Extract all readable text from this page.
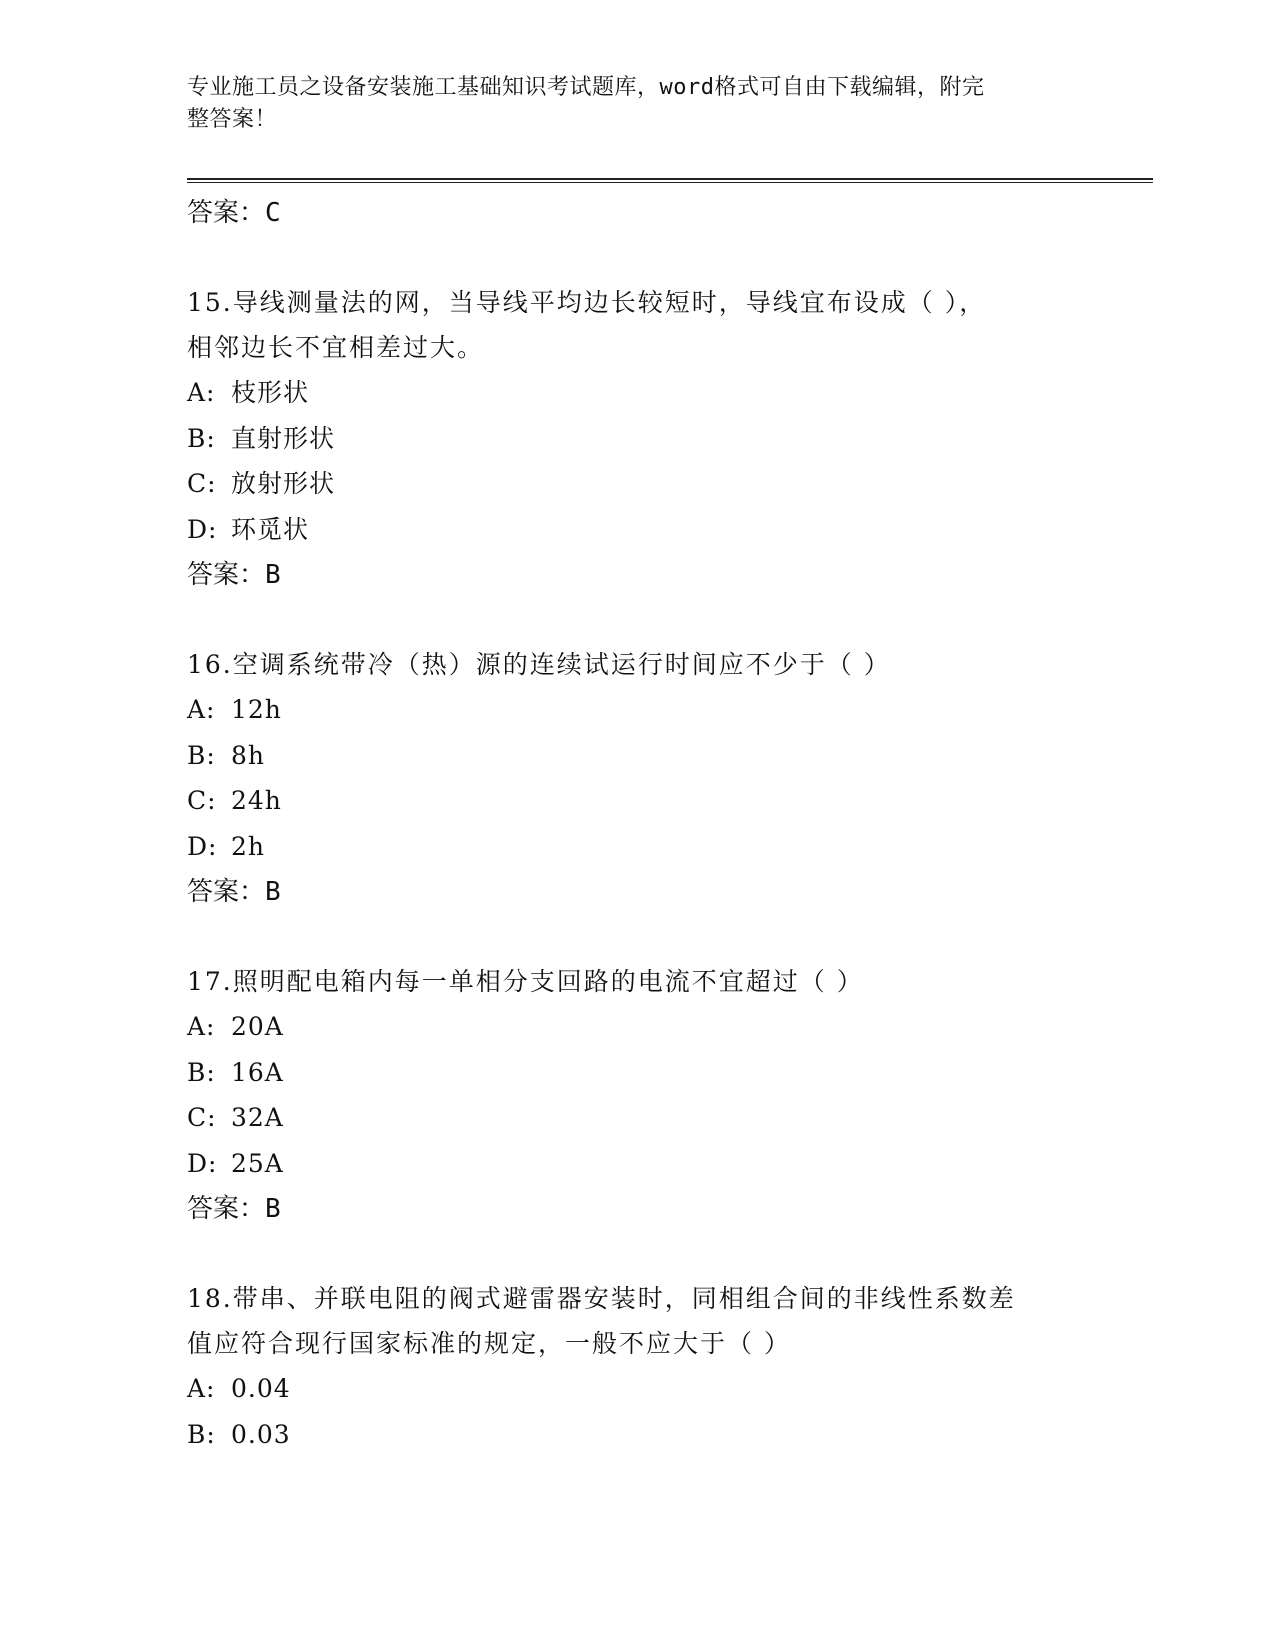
专业施工员之设备安装施工基础知识考试题库，word格式可自由下载编辑，附完
整答案！
答案：C
15.导线测量法的网，当导线平均边长较短时，导线宜布设成（ ），
相邻边长不宜相差过大。
A: 枝形状
B: 直射形状
C: 放射形状
D: 环觅状
答案：B
16.空调系统带冷（热）源的连续试运行时间应不少于（ ）
A: 12h
B: 8h
C: 24h
D: 2h
答案：B
17.照明配电箱内每一单相分支回路的电流不宜超过（ ）
A: 20A
B: 16A
C: 32A
D: 25A
答案：B
18.带串、并联电阻的阀式避雷器安装时，同相组合间的非线性系数差
值应符合现行国家标准的规定，一般不应大于（ ）
A: 0.04
B: 0.03
